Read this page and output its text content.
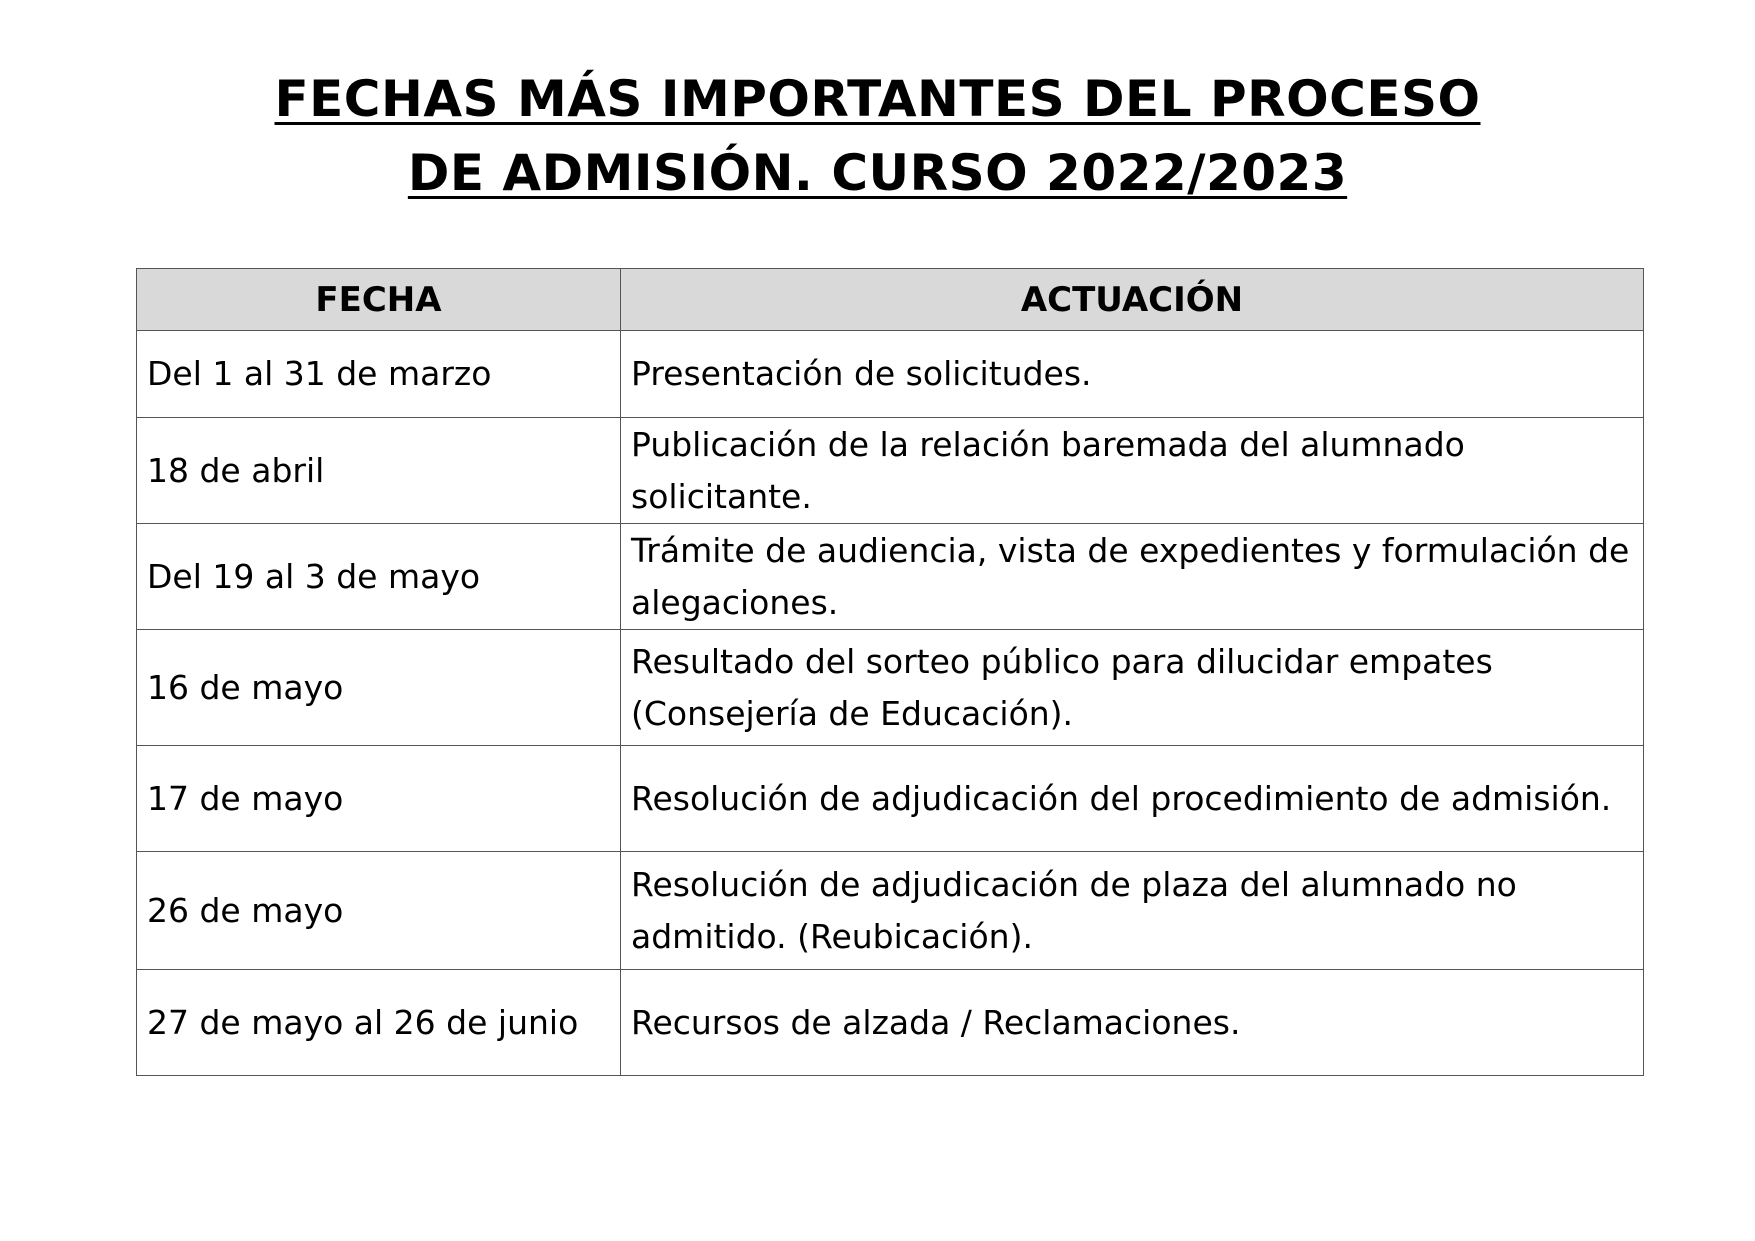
FECHAS MÁS IMPORTANTES DEL PROCESO
DE ADMISIÓN. CURSO 2022/2023
FECHA	ACTUACIÓN
Del 1 al 31 de marzo	Presentación de solicitudes.
18 de abril	Publicación de la relación baremada del alumnado solicitante.
Del 19 al 3 de mayo	Trámite de audiencia, vista de expedientes y formulación de alegaciones.
16 de mayo	Resultado del sorteo público para dilucidar empates (Consejería de Educación).
17 de mayo	Resolución de adjudicación del procedimiento de admisión.
26 de mayo	Resolución de adjudicación de plaza del alumnado no admitido. (Reubicación).
27 de mayo al 26 de junio	Recursos de alzada / Reclamaciones.
